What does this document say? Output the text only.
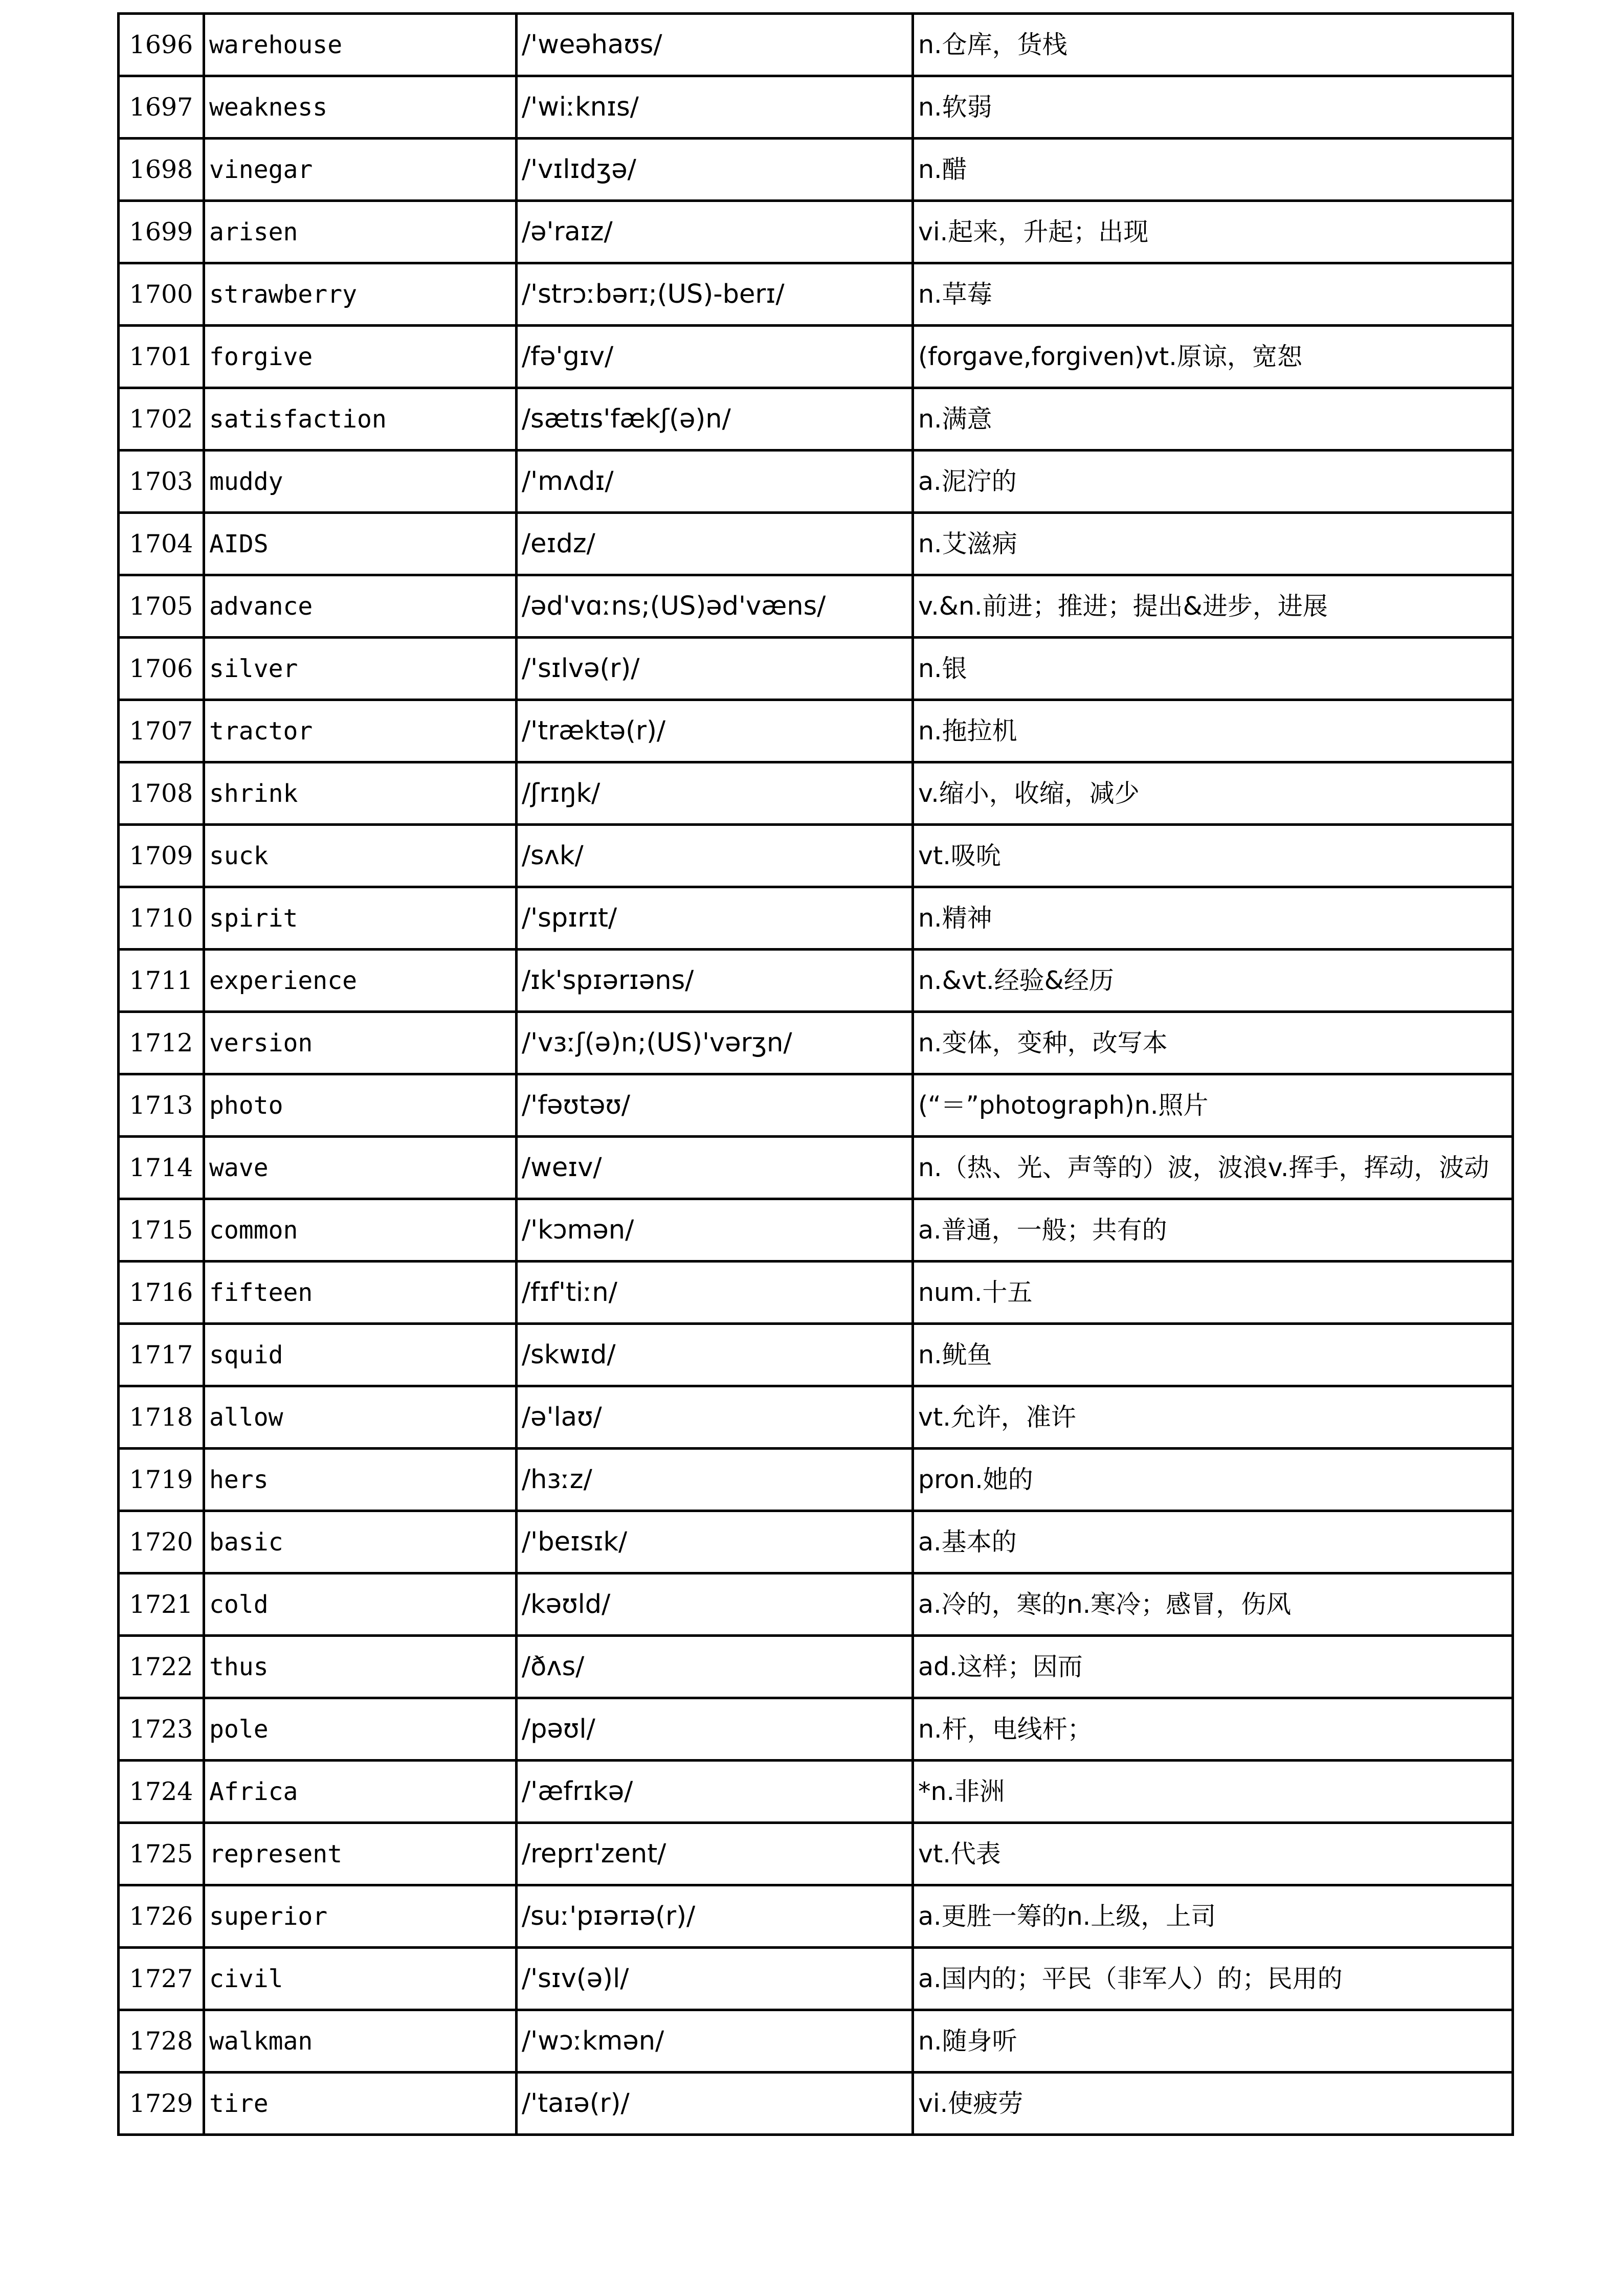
1696	warehouse	/'weəhaʊs/	n.仓库，货栈
1697	weakness	/'wiːknɪs/	n.软弱
1698	vinegar	/'vɪlɪdʒə/	n.醋
1699	arisen	/ə'raɪz/	vi.起来，升起；出现
1700	strawberry	/'strɔːbərɪ;(US)-berɪ/	n.草莓
1701	forgive	/fə'gɪv/	(forgave,forgiven)vt.原谅，宽恕
1702	satisfaction	/sætɪs'fækʃ(ə)n/	n.满意
1703	muddy	/'mʌdɪ/	a.泥泞的
1704	AIDS	/eɪdz/	n.艾滋病
1705	advance	/əd'vɑːns;(US)əd'væns/	v.&n.前进；推进；提出&进步，进展
1706	silver	/'sɪlvə(r)/	n.银
1707	tractor	/'træktə(r)/	n.拖拉机
1708	shrink	/ʃrɪŋk/	v.缩小，收缩，减少
1709	suck	/sʌk/	vt.吸吮
1710	spirit	/'spɪrɪt/	n.精神
1711	experience	/ɪk'spɪərɪəns/	n.&vt.经验&经历
1712	version	/'vɜːʃ(ə)n;(US)'vərʒn/	n.变体，变种，改写本
1713	photo	/'fəʊtəʊ/	(“＝”photograph)n.照片
1714	wave	/weɪv/	n.（热、光、声等的）波，波浪v.挥手，挥动，波动
1715	common	/'kɔmən/	a.普通，一般；共有的
1716	fifteen	/fɪf'tiːn/	num.十五
1717	squid	/skwɪd/	n.鱿鱼
1718	allow	/ə'laʊ/	vt.允许，准许
1719	hers	/hɜːz/	pron.她的
1720	basic	/'beɪsɪk/	a.基本的
1721	cold	/kəʊld/	a.冷的，寒的n.寒冷；感冒，伤风
1722	thus	/ðʌs/	ad.这样；因而
1723	pole	/pəʊl/	n.杆，电线杆；
1724	Africa	/'æfrɪkə/	*n.非洲
1725	represent	/reprɪ'zent/	vt.代表
1726	superior	/suː'pɪərɪə(r)/	a.更胜一筹的n.上级，上司
1727	civil	/'sɪv(ə)l/	a.国内的；平民（非军人）的；民用的
1728	walkman	/'wɔːkmən/	n.随身听
1729	tire	/'taɪə(r)/	vi.使疲劳
